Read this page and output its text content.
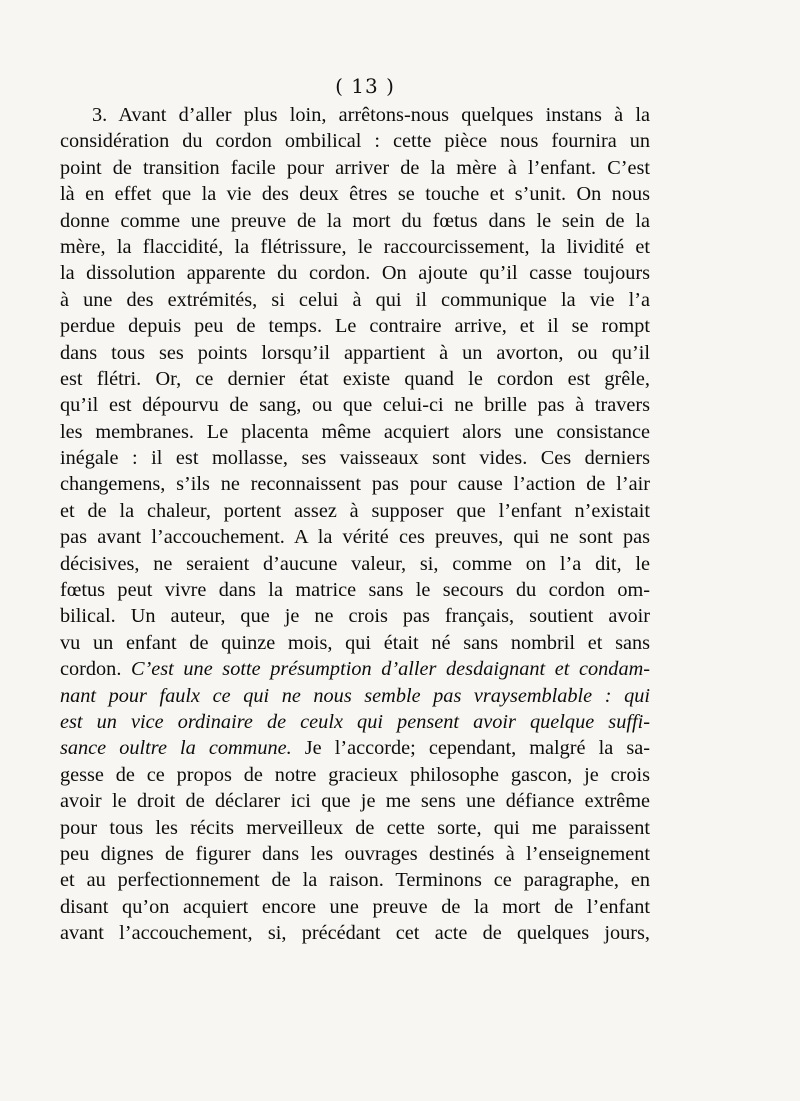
( 13 )
3. Avant d’aller plus loin, arrêtons-nous quelques instans à la
considération du cordon ombilical : cette pièce nous fournira un
point de transition facile pour arriver de la mère à l’enfant. C’est
là en effet que la vie des deux êtres se touche et s’unit. On nous
donne comme une preuve de la mort du fœtus dans le sein de la
mère, la flaccidité, la flétrissure, le raccourcissement, la lividité et
la dissolution apparente du cordon. On ajoute qu’il casse toujours
à une des extrémités, si celui à qui il communique la vie l’a
perdue depuis peu de temps. Le contraire arrive, et il se rompt
dans tous ses points lorsqu’il appartient à un avorton, ou qu’il
est flétri. Or, ce dernier état existe quand le cordon est grêle,
qu’il est dépourvu de sang, ou que celui-ci ne brille pas à travers
les membranes. Le placenta même acquiert alors une consistance
inégale : il est mollasse, ses vaisseaux sont vides. Ces derniers
changemens, s’ils ne reconnaissent pas pour cause l’action de l’air
et de la chaleur, portent assez à supposer que l’enfant n’existait
pas avant l’accouchement. A la vérité ces preuves, qui ne sont pas
décisives, ne seraient d’aucune valeur, si, comme on l’a dit, le
fœtus peut vivre dans la matrice sans le secours du cordon om-
bilical. Un auteur, que je ne crois pas français, soutient avoir
vu un enfant de quinze mois, qui était né sans nombril et sans
cordon. C’est une sotte présumption d’aller desdaignant et condam-
nant pour faulx ce qui ne nous semble pas vraysemblable : qui
est un vice ordinaire de ceulx qui pensent avoir quelque suffi-
sance oultre la commune. Je l’accorde; cependant, malgré la sa-
gesse de ce propos de notre gracieux philosophe gascon, je crois
avoir le droit de déclarer ici que je me sens une défiance extrême
pour tous les récits merveilleux de cette sorte, qui me paraissent
peu dignes de figurer dans les ouvrages destinés à l’enseignement
et au perfectionnement de la raison. Terminons ce paragraphe, en
disant qu’on acquiert encore une preuve de la mort de l’enfant
avant l’accouchement, si, précédant cet acte de quelques jours,
